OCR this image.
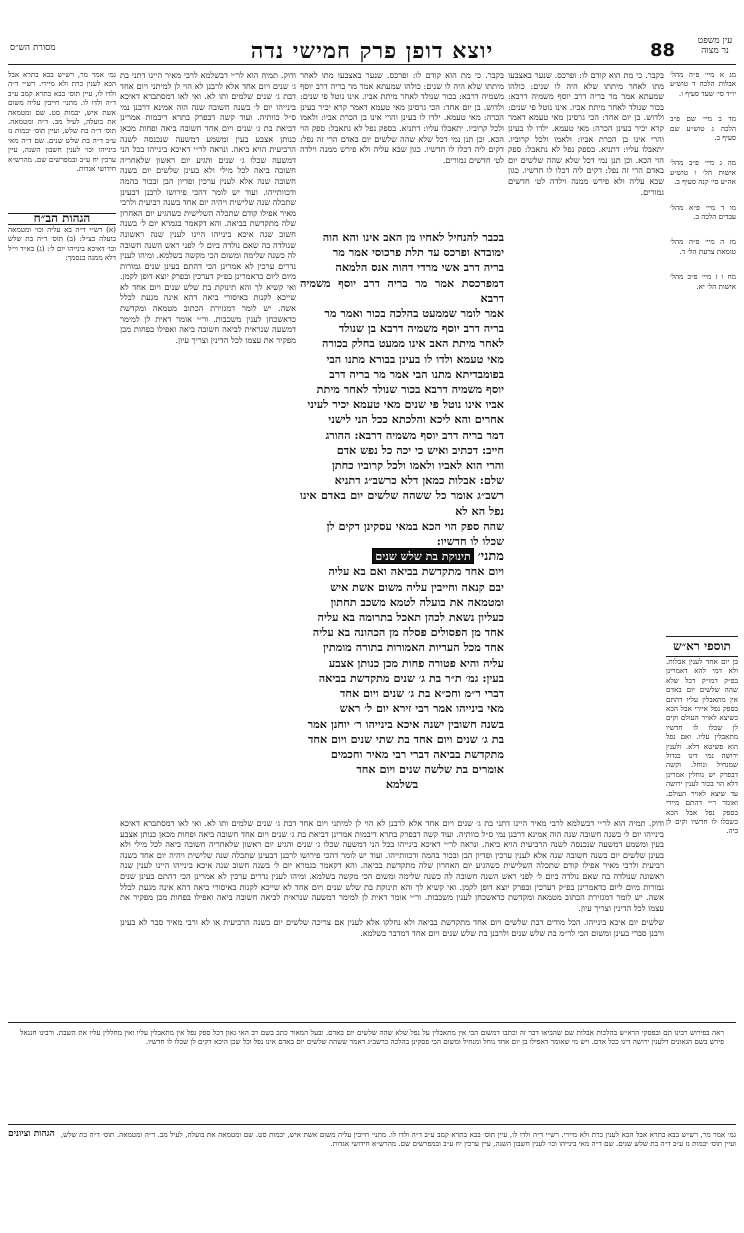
מסורת הש״ס	יוצא דופן פרק חמישי נדה	88	עין משפט
נר מצוה

מג א מיי׳ פ״ה מהל׳ אבלות הלכה ד טוש״ע יו״ד סי׳ שעד סעיף ו.

מד ב מיי׳ שם פ״ב הלכה ג טוש״ע שם סעיף ב.

מה ג מיי׳ פ״ב מהל׳ אישות הל׳ ו טוש״ע אה״ע סי׳ קנה סעיף ב.

מו ד מיי׳ פ״א מהל׳ עבדים הלכה ב.

מז ה מיי׳ פ״ה מהל׳ טומאת צרעת הל׳ ד.

מח ו ז מיי׳ פ״ב מהל׳ אישות הל׳ יא.

תוספי רא״ש

בן יום אחד לענין אבלות. ולא דמי להא דאמרינן בפ״ק דמו״ק דכל שלא שהה שלשים יום באדם אין מתאבלין עליו דהתם בספק נפל איירי אבל הכא כשיצא לאויר העולם וקים לן שכלו לו חדשיו מתאבלין עליו. ואם נפל הוא פשיטא דלא. ולענין ירושה נמי דינו כגדול שמנחיל ונוחל. וקשה דבפרק יש נוחלין אמרינן דלא הוי בכור לענין ירושה עד שיצא לאויר העולם. ואומר ר״י דהתם מיירי בספק נפל אבל הכא כשכלו לו חדשיו וקים לן ביה.

בקבר. כי מת הוא קודם לו: ופרכס. שנער באצבעו מתו לאחר מיתתו שלא היה לו שנים: כולהו שמעתא אמר מר בריה דרב יוסף משמיה דרבא: בכור שנולד לאחר מיתת אביו. אינו נוטל פי שנים: ולדוש. בן יום אחד: הכי גרסינן מאי טעמא דאמר קרא יכיר בעינן הכרה: מאי טעמא. ילדו לו בעינן והרי אינו בן הכרת אביו: ולאמו ולכל קרוביו. יתאבלו עליו: דתניא. בספק נפל לא נתאבל: ספק הוי הכא. וכן תנן נמי דכל שלא שהה שלשים יום באדם הרי זה נפל: דקים ליה דכלו לו חדשיו. כגון שבא עליה ולא פירש ממנה וילדה לט׳ חדשים גמורים.

בכבר להנחיל לאחיו מן האב אינו והא הוה
ימובדא ופרכס עד תלת פרכוסי אמר מר
בריה דרב אשי מרדי דהוה אנס הלמאה
דמפרכסת אמר מר בריה דרב יוסף משמיה דרבא
אמר לומר שממעט בהלכה בכור ואמר מר
בריה דרב יוסף משמיה דרבא בן שנולד
לאחר מיתת האב אינו ממעט בחלק בכורה
מאי טעמא ולדו לו בעינן בבורא מתנו הבי
בפומבדיתא מתנו הבי אמר מר בריה דרב
יוסף משמיה דרבא בכור שנולד לאחר מיתת
אביו אינו נוטל פי שנים מאי טעמא יכיר לעיני
אחרים והא ליכא והלכתא ככל הני לישני
דמר בריה דרב יוסף משמיה דרבא: ההורג
חייב: דכתיב ואיש כי יכה כל נפש אדם
והרי הוא לאביו ולאמו ולכל קרוביו כחתן
שלם: אבלות כמאן דלא כרשב״ג דתניא
רשב״ג אומר כל ששהה שלשים יום באדם אינו נפל הא לא
שהה ספק הוי הכא במאי עסקינן דקים לן
שכלו לו חדשיו:
מתני׳ תינוקת בת שלש שנים
ויום אחד מתקדשת בביאה ואם בא עליה
יבם קנאה וחייבין עליה משום אשת איש
ומטמאה את בועלה לטמא משכב תחתון
כעליון נשאת לכהן תאכל בתרומה בא עליה
אחד מן הפסולים פסלה מן הכהונה בא עליה
אחד מכל העריות האמורות בתורה מומתין
עליה והיא פטורה פחות מכן כנותן אצבע
בעין: גמ׳ ת״ר בת ג׳ שנים מתקדשת בביאה
דברי ר״מ וחכ״א בת ג׳ שנים ויום אחד
מאי בינייהו אמר רבי זירא יום ל׳ ראש
בשנה חשובין ישנה איכא בינייהו ר׳ יוחנן אמר
בת ג׳ שנים ויום אחד בת שתי שנים ויום אחד
מתקדשת בביאה דברי רבי מאיר וחכמים
אומרים בת שלשה שנים ויום אחד
בשלמא

בקבר. כי מת הוא קודם לו: ופרכס. שנער באצבעו מתו לאחר מיתתו שלא היה לו שנים: כולהו שמעתא אמר מר בריה דרב יוסף משמיה דרבא: בכור שנולד לאחר מיתת אביו. אינו נוטל פי שנים: ולדוש. בן יום אחד: הכי גרסינן מאי טעמא דאמר קרא יכיר בעינן הכרה: מאי טעמא. ילדו לו בעינן והרי אינו בן הכרת אביו: ולאמו ולכל קרוביו. יתאבלו עליו: דתניא. בספק נפל לא נתאבל: ספק הוי הכא. וכן תנן נמי דכל שלא שהה שלשים יום באדם הרי זה נפל: דקים ליה דכלו לו חדשיו. כגון שבא עליה ולא פירש ממנה וילדה לט׳ חדשים גמורים.

ודוק. תמיה הוא לר״י דבשלמא לרבי מאיר היינו דתני בת ג׳ שנים ויום אחד אלא לרבנן לא הוי לן למיתני ויום אחד דבת ג׳ שנים שלמים ותו לא. ואי לאו דמסתברא דאיכא בינייהו יום ל׳ בשנה חשובה שנה הוה אמינא דרבנן נמי ס״ל כוותיה. ועוד קשה דבפרק בתרא דיבמות אמרינן דביאת בת ג׳ שנים ויום אחד חשובה ביאה ופחות מכאן כנותן אצבע בעין ומשמע דמשעה שנכנסה לשנה הרביעית הויא ביאה. ונראה לר״י דאיכא בינייהו בכל הני דמשעה שכלו ג׳ שנים והגיע יום ראשון שלאחריה חשובה ביאה לכל מילי ולא בעינן שלשים יום בשנה חשובה שנה אלא לענין ערכין ופדיון הבן ובכור בהמה ודכוותייהו. ועוד יש לומר דהכי פירושו לרבנן דבעינן שתכלה שנה שלישית ויהיה יום אחד בשנה רביעית ולרבי מאיר אפילו קודם שתכלה השלישית כשהגיע יום האחרון שלה מתקדשת בביאה. והא דקאמר בגמרא יום ל׳ בשנה חשוב שנה איכא בינייהו היינו לענין שנה ראשונה שנולדה בה שאם נולדה ביום ל׳ לפני ראש השנה חשובה לה כשנה שלימה ומשום הכי מקשה בשלמא. ומיהו לענין נדרים ערכין לא אמרינן הכי דהתם בעינן שנים גמורות מיום ליום כדאמרינן בפ״ק דערכין ובפרק יוצא דופן לקמן. ואי קשיא לך והא תינוקת בת שלש שנים ויום אחד לא שייכא לקנות באיסורי ביאה דהא אינה מגעת לכלל אשה. יש לומר דמגזירת הכתוב מטמאה ומקדשת כדאשכחן לענין משכבות. ור״י אומר דאית לן למימר דמשעה שנראית לביאה חשובה ביאה ואפילו בפחות מכן מפקיר את עצמו לכל הדינין וצריך עיון.

גמ׳ אמר מר, רש״ש בבא בתרא אבל הכא לענין כרת ולא מיירי. רש״י ד״ה ולדו לו, עיין תוס׳ בבא בתרא קמב ע״ב ד״ה ולדו לו. מתני׳ חייבין עליה משום אשת איש, יבמות סט. שם ומטמאה את בועלה, לעיל מב. ד״ה ומטמאה. תוס׳ ד״ה בת שלש, ועיין תוס׳ יבמות נז ע״ב ד״ה בת שלש שנים. שם ד״ה מאי בינייהו וכו׳ לענין חשבון השנה, עיין ערכין יח ע״ב ובמפרשים שם. מהרש״א חידושי אגדות.

הגהות הב״ח

(א) רש״י ד״ה בא עליה וכו׳ ומטמאה בועלה כצ״ל: (ב) תוס׳ ד״ה בת שלש וכו׳ דאיכא בינייהו יום ל׳: (ג) בא״ד וי״ל דלא ממנה בנסמך:

ודוק. תמיה הוא לר״י דבשלמא לרבי מאיר היינו דתני בת ג׳ שנים ויום אחד אלא לרבנן לא הוי לן למיתני ויום אחד דבת ג׳ שנים שלמים ותו לא. ואי לאו דמסתברא דאיכא בינייהו יום ל׳ בשנה חשובה שנה הוה אמינא דרבנן נמי ס״ל כוותיה. ועוד קשה דבפרק בתרא דיבמות אמרינן דביאת בת ג׳ שנים ויום אחד חשובה ביאה ופחות מכאן כנותן אצבע בעין ומשמע דמשעה שנכנסה לשנה הרביעית הויא ביאה. ונראה לר״י דאיכא בינייהו בכל הני דמשעה שכלו ג׳ שנים והגיע יום ראשון שלאחריה חשובה ביאה לכל מילי ולא בעינן שלשים יום בשנה חשובה שנה אלא לענין ערכין ופדיון הבן ובכור בהמה ודכוותייהו. ועוד יש לומר דהכי פירושו לרבנן דבעינן שתכלה שנה שלישית ויהיה יום אחד בשנה רביעית ולרבי מאיר אפילו קודם שתכלה השלישית כשהגיע יום האחרון שלה מתקדשת בביאה. והא דקאמר בגמרא יום ל׳ בשנה חשוב שנה איכא בינייהו היינו לענין שנה ראשונה שנולדה בה שאם נולדה ביום ל׳ לפני ראש השנה חשובה לה כשנה שלימה ומשום הכי מקשה בשלמא. ומיהו לענין נדרים ערכין לא אמרינן הכי דהתם בעינן שנים גמורות מיום ליום כדאמרינן בפ״ק דערכין ובפרק יוצא דופן לקמן. ואי קשיא לך והא תינוקת בת שלש שנים ויום אחד לא שייכא לקנות באיסורי ביאה דהא אינה מגעת לכלל אשה. יש לומר דמגזירת הכתוב מטמאה ומקדשת כדאשכחן לענין משכבות. ור״י אומר דאית לן למימר דמשעה שנראית לביאה חשובה ביאה ואפילו בפחות מכן מפקיר את עצמו לכל הדינין וצריך עיון.

שלשים יום איכא בינייהו. הכל מודים דבת שלשים ויום אחד מתקדשת בביאה ולא נחלקו אלא לענין אם צריכה שלשים יום בשנה הרביעית או לא ורבי מאיר סבר לא בעינן ורבנן סברי בעינן ומשום הכי לר״מ בת שלש שנים ולרבנן בת שלש שנים ויום אחד דמדבר בשלמא.

ראה בפירוש רבינו תם ובפסקי הרא״ש בהלכות אבלות שם שהביאו דבר זה וכתבו דמשום הכי אין מתאבלין על נפל שלא שהה שלשים יום באדם. ובעל המאור כתב בשם רב האי גאון דכל ספק נפל אין מתאבלין עליו ואין מחללין עליו את השבת. ורבינו חננאל פירש בשם הגאונים דלענין ירושה דינו ככל אדם. ויש מי שאומר דאפילו בן יום אחד נוחל ומנחיל ומשום הכי פסקינן בהלכה כרשב״ג דאמר ששהה שלשים יום באדם אינו נפל וכל שכן היכא דקים לן שכלו לו חדשיו.

הגהות וציונים גמ׳ אמר מר, רש״ש בבא בתרא אבל הכא לענין כרת ולא מיירי. רש״י ד״ה ולדו לו, עיין תוס׳ בבא בתרא קמב ע״ב ד״ה ולדו לו. מתני׳ חייבין עליה משום אשת איש, יבמות סט. שם ומטמאה את בועלה, לעיל מב. ד״ה ומטמאה. תוס׳ ד״ה בת שלש, ועיין תוס׳ יבמות נז ע״ב ד״ה בת שלש שנים. שם ד״ה מאי בינייהו וכו׳ לענין חשבון השנה, עיין ערכין יח ע״ב ובמפרשים שם. מהרש״א חידושי אגדות.
